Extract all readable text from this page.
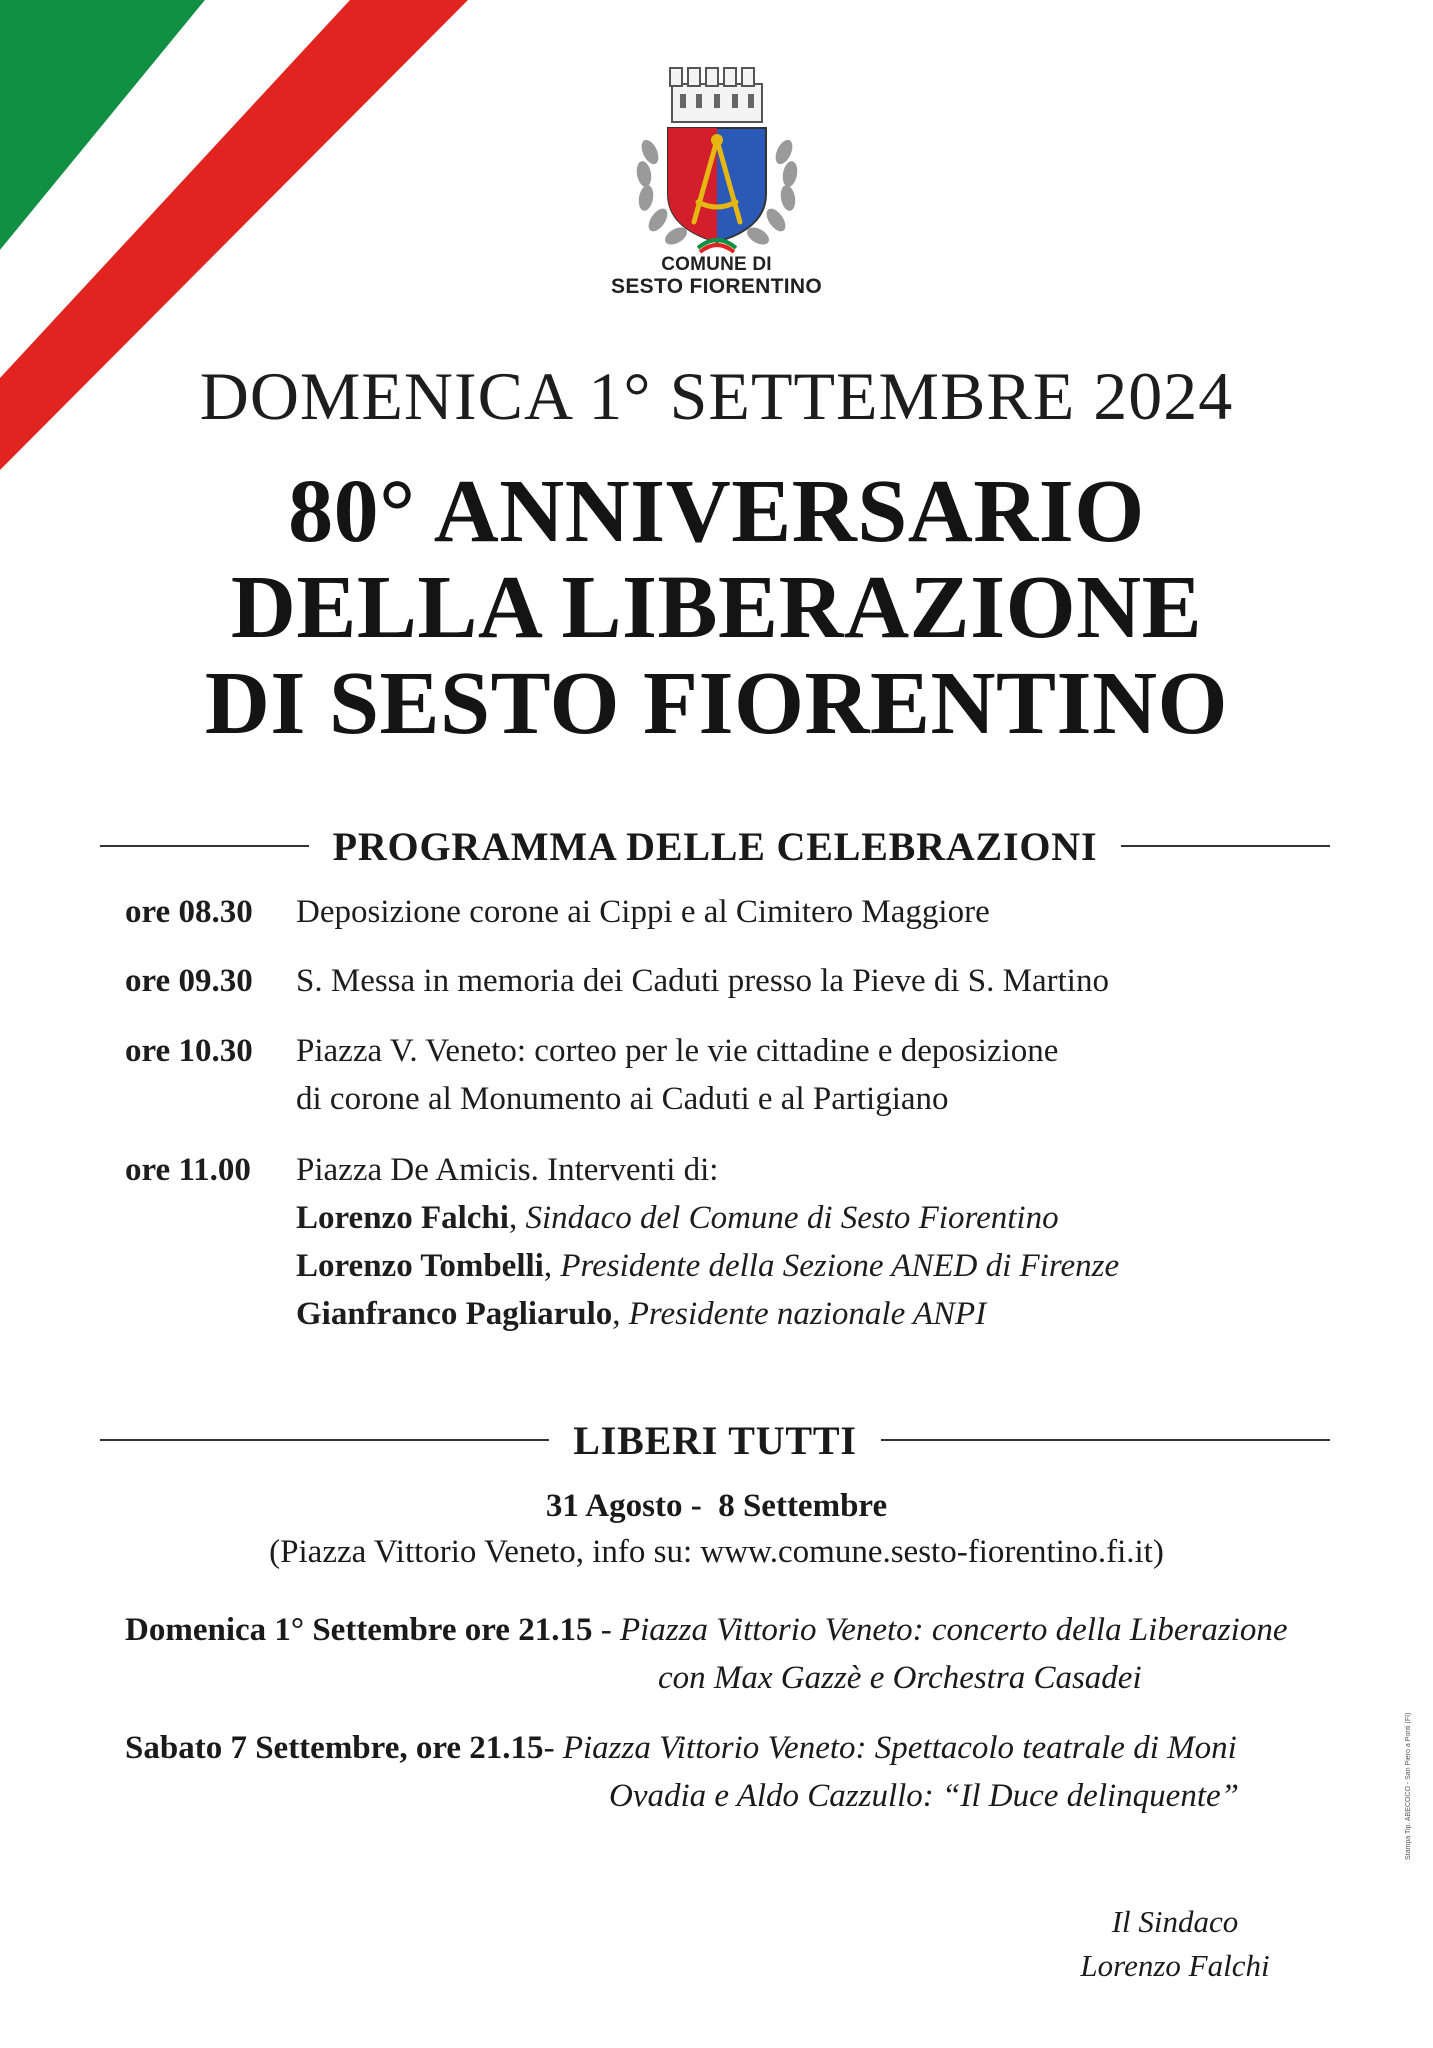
COMUNE DI
SESTO FIORENTINO
DOMENICA 1° SETTEMBRE 2024
80° ANNIVERSARIO
DELLA LIBERAZIONE
DI SESTO FIORENTINO
PROGRAMMA DELLE CELEBRAZIONI
ore 08.30 Deposizione corone ai Cippi e al Cimitero Maggiore
ore 09.30 S. Messa in memoria dei Caduti presso la Pieve di S. Martino
ore 10.30 Piazza V. Veneto: corteo per le vie cittadine e deposizione
di corone al Monumento ai Caduti e al Partigiano
ore 11.00 Piazza De Amicis. Interventi di:
Lorenzo Falchi, Sindaco del Comune di Sesto Fiorentino
Lorenzo Tombelli, Presidente della Sezione ANED di Firenze
Gianfranco Pagliarulo, Presidente nazionale ANPI
LIBERI TUTTI
31 Agosto -  8 Settembre
(Piazza Vittorio Veneto, info su: www.comune.sesto-fiorentino.fi.it)
Domenica 1° Settembre ore 21.15 - Piazza Vittorio Veneto: concerto della Liberazione
con Max Gazzè e Orchestra Casadei
Sabato 7 Settembre, ore 21.15- Piazza Vittorio Veneto: Spettacolo teatrale di Moni
Ovadia e Aldo Cazzullo: “Il Duce delinquente”
Il Sindaco
Lorenzo Falchi
Stampa Tip. ABECOCO - San Piero a Ponti (FI)
